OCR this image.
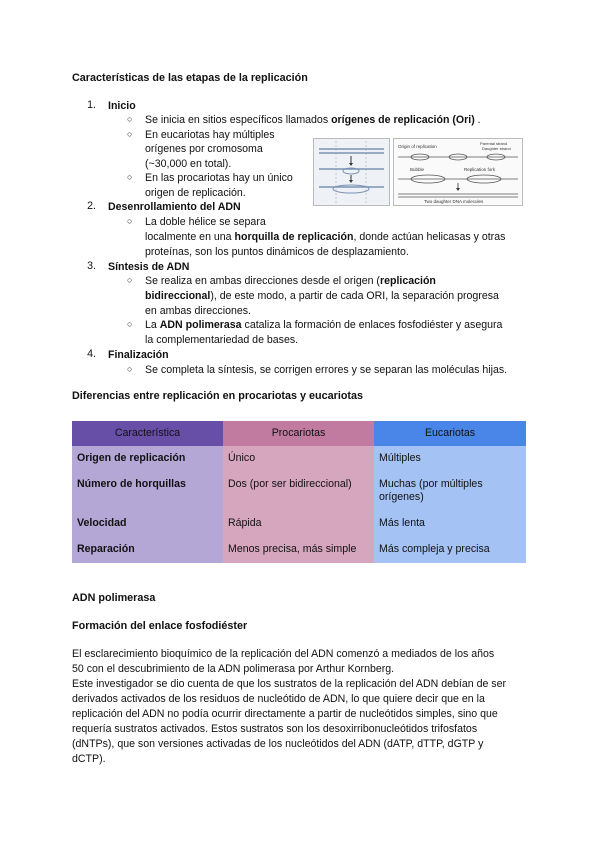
Características de las etapas de la replicación
1. Inicio
○ Se inicia en sitios específicos llamados orígenes de replicación (Ori) .
○ En eucariotas hay múltiples
orígenes por cromosoma
(~30,000 en total).
○ En las procariotas hay un único
origen de replicación.
Origin of replication
Parental strand
Daughter strand
Bubble	Replication fork
Two daughter DNA molecules
2. Desenrollamiento del ADN
○ La doble hélice se separa
localmente en una horquilla de replicación, donde actúan helicasas y otras
proteínas, son los puntos dinámicos de desplazamiento.
3. Síntesis de ADN
○ Se realiza en ambas direcciones desde el origen (replicación
bidireccional), de este modo, a partir de cada ORI, la separación progresa
en ambas direcciones.
○ La ADN polimerasa cataliza la formación de enlaces fosfodiéster y asegura
la complementariedad de bases.
4. Finalización
○ Se completa la síntesis, se corrigen errores y se separan las moléculas hijas.
Diferencias entre replicación en procariotas y eucariotas
Característica	Procariotas	Eucariotas
Origen de replicación	Único	Múltiples
Número de horquillas	Dos (por ser bidireccional)	Muchas (por múltiples orígenes)
Velocidad	Rápida	Más lenta
Reparación	Menos precisa, más simple	Más compleja y precisa
ADN polimerasa
Formación del enlace fosfodiéster
El esclarecimiento bioquímico de la replicación del ADN comenzó a mediados de los años
50 con el descubrimiento de la ADN polimerasa por Arthur Kornberg.
Este investigador se dio cuenta de que los sustratos de la replicación del ADN debían de ser
derivados activados de los residuos de nucleótido de ADN, lo que quiere decir que en la
replicación del ADN no podía ocurrir directamente a partir de nucleótidos simples, sino que
requería sustratos activados. Estos sustratos son los desoxirribonucleótidos trifosfatos
(dNTPs), que son versiones activadas de los nucleótidos del ADN (dATP, dTTP, dGTP y
dCTP).
